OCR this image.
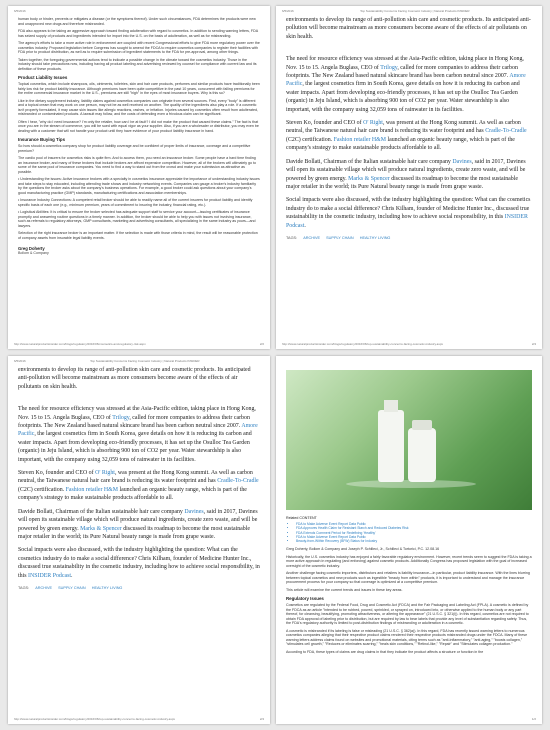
6/5/2016

human body or hinder, prevents or mitigates a disease (or the symptoms thereof). Under such circumstances, FDA determines the products were new and unapproved new drugs and therefore misbranded.

FDA also appears to be taking an aggressive approach toward finding adulteration with regard to cosmetics. In addition to sending warning letters, FDA has seized supply of products and ingredients intended for import into the U.S. on the basis of adulteration, as well as for misbranding.

The agency's efforts to take a more active role in enforcement are coupled with recent Congressional efforts to give FDA more regulatory power over the cosmetics industry. Proposed legislation before Congress has sought to amend the FDCA to require cosmetics companies to register their facilities with FDA prior to product distribution, as well as to require submission of ingredient statements to the FDA for pre-approval, among other things.

Taken together, the foregoing governmental actions tend to indicate a possible change in the climate toward the cosmetics industry. Those in the industry should take precautions now, including having all product labeling and advertising reviewed by counsel for compliance with current law and its definition of these products.

Product Liability Issues

Topical cosmetics, which include shampoos, oils, ointments, toiletries, skin and hair care products, perfumes and similar products have traditionally been fairly low risk for product liability insurance. Although premiums have been quite competitive in the past 10 years, concurrent with falling premiums for the entire commercial insurance market in the U.S., premiums are still "high" in the eyes of most insurance buyers. Why is this so?

Like in the dietary supplement industry, liability claims against cosmetics companies can originate from several sources. First, every "body" is different and a topical cream that may work on one person, may not be as well received on another. The quality of the ingredients also play a role. If a cosmetic isn't properly formulated, it may cause skin issues like allergic reactions, rashes, or irritation. Injuries caused by cosmetics often result from adulterated, misbranded or contaminated products. A lawsuit may follow, and the costs of defending even a frivolous claim can be significant.

Often I hear, "why do I need insurance? I'm only the retailer, how can I be at fault? I did not make the product that caused these claims." The fact is that once you are in the stream of commerce, you will be sued with equal vigor as your supplier. Also, if you are a wholesaler or distributor, you may even be dealing with a customer that will not handle your product until they have evidence of your product liability insurance in hand.

Insurance Buying Tips

So how should a cosmetics company shop for product liability coverage and be confident of proper limits of insurance, coverage and a competitive premium?

The cardio pool of insurers for cosmetics risks is quite firm. And to access them, you need an insurance broker. Some people have a hard time finding an insurance broker, and many of these brokers that include brokers are affront expensive competition. However, all of the brokers will ultimately go to some of the same pool of insurance companies. You need to find a way to stand out from the crowd and make your submission as attractive as possible.

• Understanding the issues: Active insurance brokers with a specialty in cosmetics insurance appreciate the importance of understanding industry issues and take steps to stay educated, including attending trade shows and industry networking events. Companies can gauge a broker's industry familiarity by the questions the broker asks about the company's business operations. For example, a good broker could ask questions about your company's good manufacturing practice (GMP) standards, manufacturing certifications and association memberships.

• Insurance Industry Connections: A competent retail broker should be able to readily name all of the current insurers for product liability and identify specific basis of each one (e.g., minimum premium, years of commitment to insuring the industry, financial rating, etc.).

• Logistical Abilities: It is critical to ensure the broker selected has adequate support staff to service your account—issuing certificates of insurance promptly and answering routine questions in a timely manner. In addition, the broker should be able to help you with issues not involving insurance, such as referrals to regulatory attorneys, GMP consultants, marketing and advertising consultants, all specializing in the same industry as yours—and lawyers.

Selection of the right insurance broker is an important matter. If the selection is made with those criteria in mind, the result will be reasonable protection of company assets from insurable legal liability events.

Greg Doherty
Bollom & Company
http://www.naturalproductsinsider.com/blogs/regulatory/2016/06/cosmetics-and-regulatory-risk.aspx	2/2
6/5/2016	Top Sustainability Concerns Facing Cosmetic Industry | Natural Products INSIDER

environments to develop its range of anti-pollution skin care and cosmetic products. Its anticipated anti-pollution will become mainstream as more consumers become aware of the effects of air pollutants on skin health.

The need for resource efficiency was stressed at the Asia-Pacific edition, taking place in Hong Kong, Nov. 15 to 15. Angela Buglass, CEO of Trilogy, called for more companies to address their carbon footprints. The New Zealand based natural skincare brand has been carbon neutral since 2007. Amore Pacific, the largest cosmetics firm in South Korea, gave details on how it is reducing its carbon and water impacts. Apart from developing eco-friendly processes, it has set up the Osulloc Tea Garden (organic) in Jeju Island, which is absorbing 900 ton of CO2 per year. Water stewardship is also important, with the company using 32,059 tons of rainwater in its facilities.

Steven Ko, founder and CEO of O' Right, was present at the Hong Kong summit. As well as carbon neutral, the Taiwanese natural hair care brand is reducing its water footprint and has Cradle-To-Cradle (C2C) certification. Fashion retailer H&M launched an organic beauty range, which is part of the company's strategy to make sustainable products affordable to all.

Davide Bollati, Chairman of the Italian sustainable hair care company Davines, said in 2017, Davines will open its sustainable village which will produce natural ingredients, create zero waste, and will be powered by green energy. Marks & Spencer discussed its roadmap to become the most sustainable major retailer in the world; its Pure Natural beauty range is made from grape waste.

Social impacts were also discussed, with the industry highlighting the question: What can the cosmetics industry do to make a social difference? Chris Kilham, founder of Medicine Hunter Inc., discussed true sustainability in the cosmetic industry, including how to achieve social responsibility, in this INSIDER Podcast.

TAGS: ARCHIVE SUPPLY CHAIN HEALTHY LIVING
http://www.naturalproductsinsider.com/blogs/regulatory/2016/06/top-sustainability-concerns-facing-cosmetic-industry.aspx	2/4
6/5/2016	Top Sustainability Concerns Facing Cosmetic Industry | Natural Products INSIDER

environments to develop its range of anti-pollution skin care and cosmetic products. Its anticipated anti-pollution will become mainstream as more consumers become aware of the effects of air pollutants on skin health.

The need for resource efficiency was stressed at the Asia-Pacific edition, taking place in Hong Kong, Nov. 15 to 15. Angela Buglass, CEO of Trilogy, called for more companies to address their carbon footprints. The New Zealand based natural skincare brand has been carbon neutral since 2007. Amore Pacific, the largest cosmetics firm in South Korea, gave details on how it is reducing its carbon and water impacts. Apart from developing eco-friendly processes, it has set up the Osulloc Tea Garden (organic) in Jeju Island, which is absorbing 900 ton of CO2 per year. Water stewardship is also important, with the company using 32,059 tons of rainwater in its facilities.

Steven Ko, founder and CEO of O' Right, was present at the Hong Kong summit. As well as carbon neutral, the Taiwanese natural hair care brand is reducing its water footprint and has Cradle-To-Cradle (C2C) certification. Fashion retailer H&M launched an organic beauty range, which is part of the company's strategy to make sustainable products affordable to all.

Davide Bollati, Chairman of the Italian sustainable hair care company Davines, said in 2017, Davines will open its sustainable village which will produce natural ingredients, create zero waste, and will be powered by green energy. Marks & Spencer discussed its roadmap to become the most sustainable major retailer in the world; its Pure Natural beauty range is made from grape waste.

Social impacts were also discussed, with the industry highlighting the question: What can the cosmetics industry do to make a social difference? Chris Kilham, founder of Medicine Hunter Inc., discussed true sustainability in the cosmetic industry, including how to achieve social responsibility, in this INSIDER Podcast.

TAGS: ARCHIVE SUPPLY CHAIN HEALTHY LIVING
http://www.naturalproductsinsider.com/blogs/regulatory/2016/06/top-sustainability-concerns-facing-cosmetic-industry.aspx	2/4
Related CONTENT
• FDA to Make Adverse Event Report Data Public
• FDA Approves Health Claim for Resistant Starch and Reduced Diabetes Risk
• FDA Extends Comment Period for Redefining 'Healthy'
• FDA to Make Adverse Event Report Data Public
• Beauty-from-Within Recovery (BFW) Status for Industry

Greg Doherty, Bollom & Company and Joseph P. Schilleci, Jr., Schilleci & Tortorici, P.C. 12.08.16

Historically, the U.S. cosmetics industry has enjoyed a fairly favorable regulatory environment. However, recent trends seem to suggest the FDA is taking a more active approach in regulating (and enforcing) against cosmetic products. Additionally Congress has proposed legislation with the goal of increased oversight of the cosmetic industry.

Another challenge facing cosmetic importers, distributors and retailers is liability insurance—in particular, product liability insurance. With the lines blurring between topical cosmetics and new products such as ingestible "beauty from within" products, it is important to understand and manage the insurance procurement process for your company so that coverage is optimized at a competitive premium.

This article will examine the current trends and issues in these key areas.

Regulatory Issues

Cosmetics are regulated by the Federal Food, Drug and Cosmetic Act (FDCA) and the Fair Packaging and Labeling Act (FPLA). A cosmetic is defined by the FDCA as an article "intended to be rubbed, poured, sprinkled, or sprayed on, introduced into, or otherwise applied to the human body or any part thereof, for cleansing, beautifying, promoting attractiveness, or altering the appearance" (21 U.S.C. § 321(i)). In this regard, cosmetics are not required to obtain FDA approval of labeling prior to distribution, but are required by law to bear labels that provide any level of substantiation regarding safety. Thus, the FDA's regulatory authority is limited to post-distribution findings of misbranding or adulteration in a cosmetic.

A cosmetic is misbranded if its labeling is false or misleading (21 U.S.C. § 362(a)). In this regard, FDA has recently issued warning letters to numerous cosmetics companies alleging that their respective product claims rendered their respective products misbranded drugs under the FDCA. Many of these warning letters address claims found on websites and promotional materials, citing terms such as "anti-inflammatory," "anti-aging," "boosts collagen," "stimulates cell growth," "Reduces or eliminates scarring," "heals skin conditions," "Retinol-like," "Repair" and "Stimulates collagen production."

According to FDA, these types of claims are drug claims in that they indicate the product affects a structure or function in the

1/2
